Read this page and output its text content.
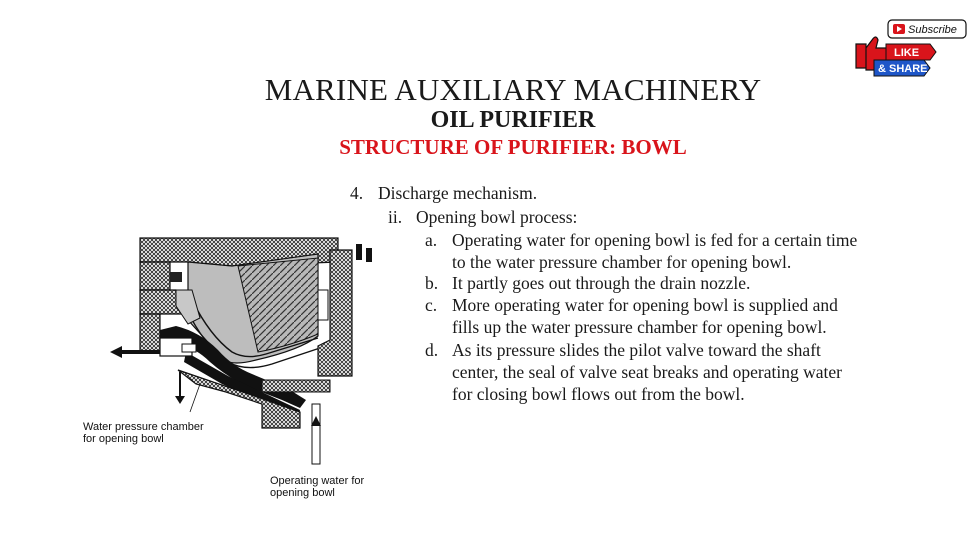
MARINE AUXILIARY MACHINERY
OIL PURIFIER
STRUCTURE OF PURIFIER: BOWL
Water pressure chamber
for opening bowl
Operating water for
opening bowl
4. Discharge mechanism.
ii. Opening bowl process:
a. Operating water for opening bowl is fed for a certain time
to the water pressure chamber for opening bowl.
b. It partly goes out through the drain nozzle.
c. More operating water for opening bowl is supplied and
fills up the water pressure chamber for opening bowl.
d. As its pressure slides the pilot valve toward the shaft
center, the seal of valve seat breaks and operating water
for closing bowl flows out from the bowl.
Subscribe
LIKE
& SHARE
